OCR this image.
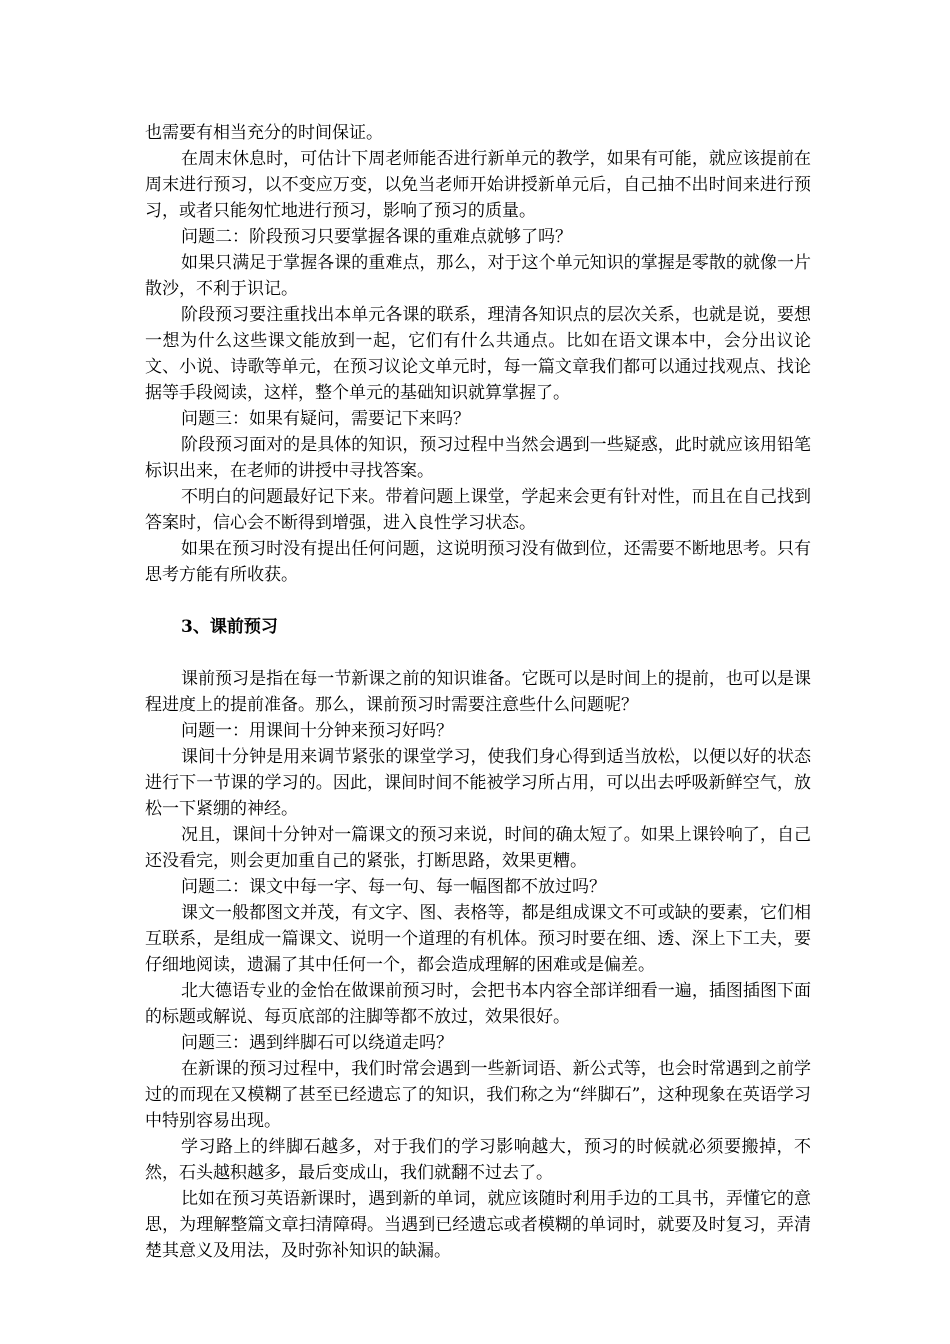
也需要有相当充分的时间保证。

在周末休息时，可估计下周老师能否进行新单元的教学，如果有可能，就应该提前在周末进行预习，以不变应万变，以免当老师开始讲授新单元后，自己抽不出时间来进行预习，或者只能匆忙地进行预习，影响了预习的质量。

问题二：阶段预习只要掌握各课的重难点就够了吗？

如果只满足于掌握各课的重难点，那么，对于这个单元知识的掌握是零散的就像一片散沙，不利于识记。

阶段预习要注重找出本单元各课的联系，理清各知识点的层次关系，也就是说，要想一想为什么这些课文能放到一起，它们有什么共通点。比如在语文课本中，会分出议论文、小说、诗歌等单元，在预习议论文单元时，每一篇文章我们都可以通过找观点、找论据等手段阅读，这样，整个单元的基础知识就算掌握了。

问题三：如果有疑问，需要记下来吗？

阶段预习面对的是具体的知识，预习过程中当然会遇到一些疑惑，此时就应该用铅笔标识出来，在老师的讲授中寻找答案。

不明白的问题最好记下来。带着问题上课堂，学起来会更有针对性，而且在自己找到答案时，信心会不断得到增强，进入良性学习状态。

如果在预习时没有提出任何问题，这说明预习没有做到位，还需要不断地思考。只有思考方能有所收获。

3、课前预习

课前预习是指在每一节新课之前的知识谁备。它既可以是时间上的提前，也可以是课程进度上的提前准备。那么，课前预习时需要注意些什么问题呢？

问题一：用课间十分钟来预习好吗？

课间十分钟是用来调节紧张的课堂学习，使我们身心得到适当放松，以便以好的状态进行下一节课的学习的。因此，课间时间不能被学习所占用，可以出去呼吸新鲜空气，放松一下紧绷的神经。

况且，课间十分钟对一篇课文的预习来说，时间的确太短了。如果上课铃响了，自己还没看完，则会更加重自己的紧张，打断思路，效果更糟。

问题二：课文中每一字、每一句、每一幅图都不放过吗？

课文一般都图文并茂，有文字、图、表格等，都是组成课文不可或缺的要素，它们相互联系，是组成一篇课文、说明一个道理的有机体。预习时要在细、透、深上下工夫，要仔细地阅读，遗漏了其中任何一个，都会造成理解的困难或是偏差。

北大德语专业的金怡在做课前预习时，会把书本内容全部详细看一遍，插图插图下面的标题或解说、每页底部的注脚等都不放过，效果很好。

问题三：遇到绊脚石可以绕道走吗？

在新课的预习过程中，我们时常会遇到一些新词语、新公式等，也会时常遇到之前学过的而现在又模糊了甚至已经遗忘了的知识，我们称之为“绊脚石”，这种现象在英语学习中特别容易出现。

学习路上的绊脚石越多，对于我们的学习影响越大，预习的时候就必须要搬掉，不然，石头越积越多，最后变成山，我们就翻不过去了。

比如在预习英语新课时，遇到新的单词，就应该随时利用手边的工具书，弄懂它的意思，为理解整篇文章扫清障碍。当遇到已经遗忘或者模糊的单词时，就要及时复习，弄清楚其意义及用法，及时弥补知识的缺漏。
